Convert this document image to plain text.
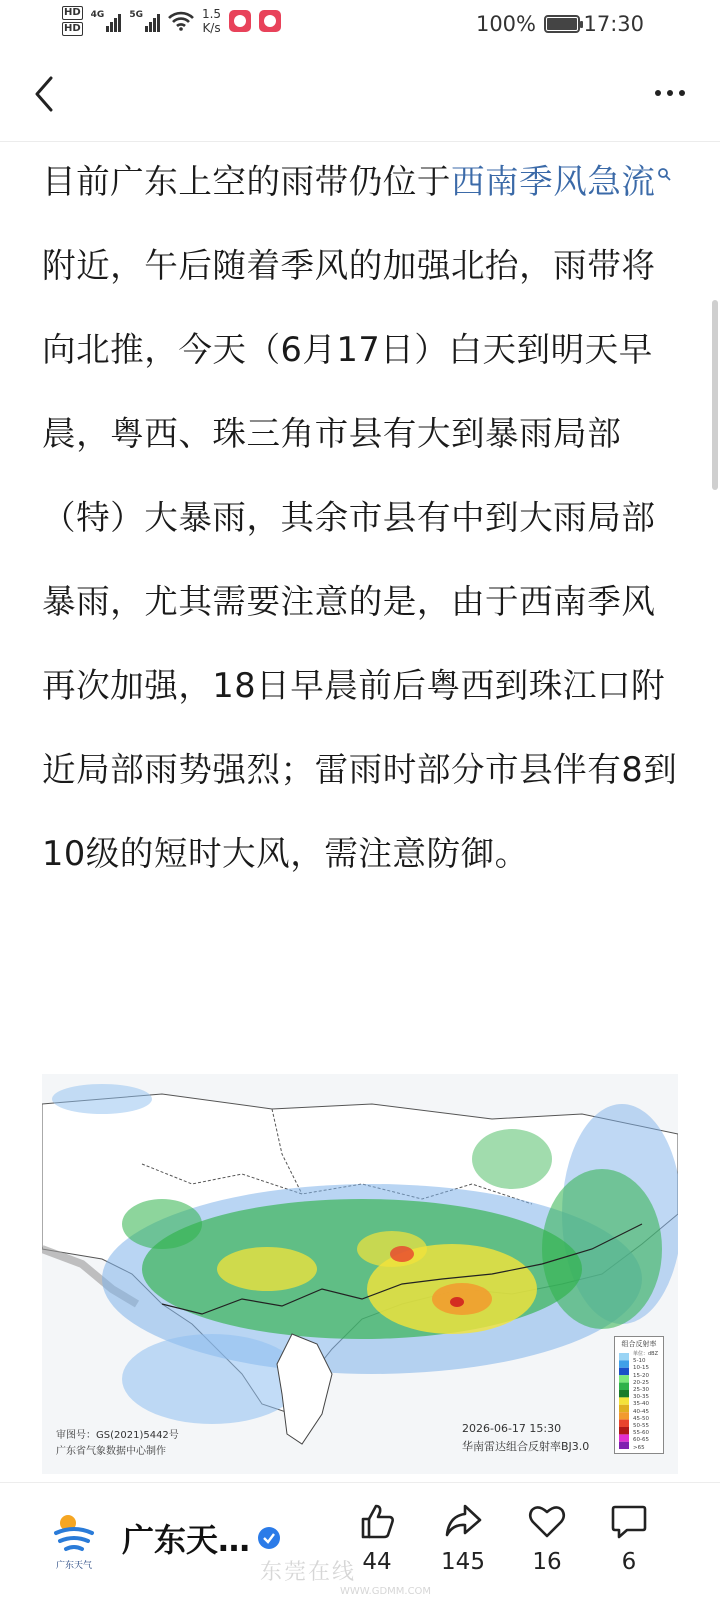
HD
HD
4G	5G	1.5
K/s	100% 17:30
目前广东上空的雨带仍位于西南季风急流附近，午后随着季风的加强北抬，雨带将向北推，今天（6月17日）白天到明天早晨，粤西、珠三角市县有大到暴雨局部（特）大暴雨，其余市县有中到大雨局部暴雨，尤其需要注意的是，由于西南季风再次加强，18日早晨前后粤西到珠江口附近局部雨势强烈；雷雨时部分市县伴有8到10级的短时大风，需注意防御。
组合反射率
单位：dBZ
5-10
10-15
15-20
20-25
25-30
30-35
35-40
40-45
45-50
50-55
55-60
60-65
>65
审图号：GS(2021)5442号
广东省气象数据中心制作
2026-06-17 15:30
华南雷达组合反射率BJ3.0
广东天气
广东天…
东莞在线
WWW.GDMM.COM
44	145	16	6
